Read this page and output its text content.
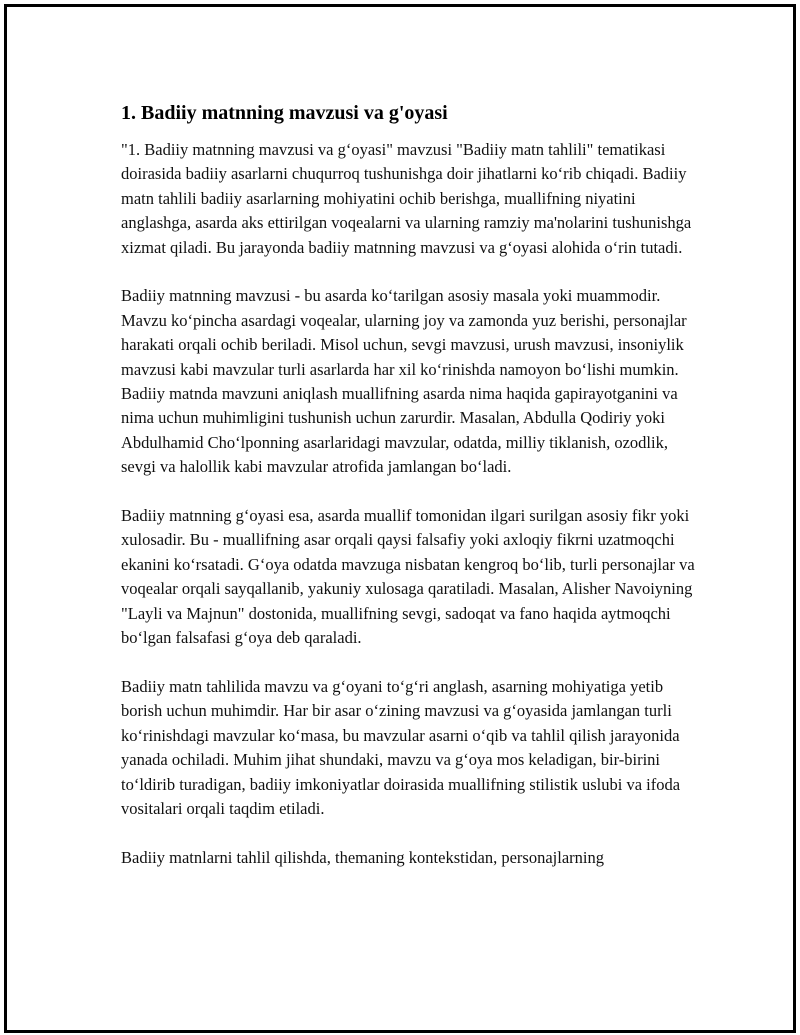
1. Badiiy matnning mavzusi va g'oyasi

"1. Badiiy matnning mavzusi va g‘oyasi" mavzusi "Badiiy matn tahlili" tematikasi doirasida badiiy asarlarni chuqurroq tushunishga doir jihatlarni ko‘rib chiqadi. Badiiy matn tahlili badiiy asarlarning mohiyatini ochib berishga, muallifning niyatini anglashga, asarda aks ettirilgan voqealarni va ularning ramziy ma'nolarini tushunishga xizmat qiladi. Bu jarayonda badiiy matnning mavzusi va g‘oyasi alohida o‘rin tutadi.

Badiiy matnning mavzusi - bu asarda ko‘tarilgan asosiy masala yoki muammodir. Mavzu ko‘pincha asardagi voqealar, ularning joy va zamonda yuz berishi, personajlar harakati orqali ochib beriladi. Misol uchun, sevgi mavzusi, urush mavzusi, insoniylik mavzusi kabi mavzular turli asarlarda har xil ko‘rinishda namoyon bo‘lishi mumkin. Badiiy matnda mavzuni aniqlash muallifning asarda nima haqida gapirayotganini va nima uchun muhimligini tushunish uchun zarurdir. Masalan, Abdulla Qodiriy yoki Abdulhamid Cho‘lponning asarlaridagi mavzular, odatda, milliy tiklanish, ozodlik, sevgi va halollik kabi mavzular atrofida jamlangan bo‘ladi.

Badiiy matnning g‘oyasi esa, asarda muallif tomonidan ilgari surilgan asosiy fikr yoki xulosadir. Bu - muallifning asar orqali qaysi falsafiy yoki axloqiy fikrni uzatmoqchi ekanini ko‘rsatadi. G‘oya odatda mavzuga nisbatan kengroq bo‘lib, turli personajlar va voqealar orqali sayqallanib, yakuniy xulosaga qaratiladi. Masalan, Alisher Navoiyning "Layli va Majnun" dostonida, muallifning sevgi, sadoqat va fano haqida aytmoqchi bo‘lgan falsafasi g‘oya deb qaraladi.

Badiiy matn tahlilida mavzu va g‘oyani to‘g‘ri anglash, asarning mohiyatiga yetib borish uchun muhimdir. Har bir asar o‘zining mavzusi va g‘oyasida jamlangan turli ko‘rinishdagi mavzular ko‘masa, bu mavzular asarni o‘qib va tahlil qilish jarayonida yanada ochiladi. Muhim jihat shundaki, mavzu va g‘oya mos keladigan, bir-birini to‘ldirib turadigan, badiiy imkoniyatlar doirasida muallifning stilistik uslubi va ifoda vositalari orqali taqdim etiladi.

Badiiy matnlarni tahlil qilishda, themaning kontekstidan, personajlarning
